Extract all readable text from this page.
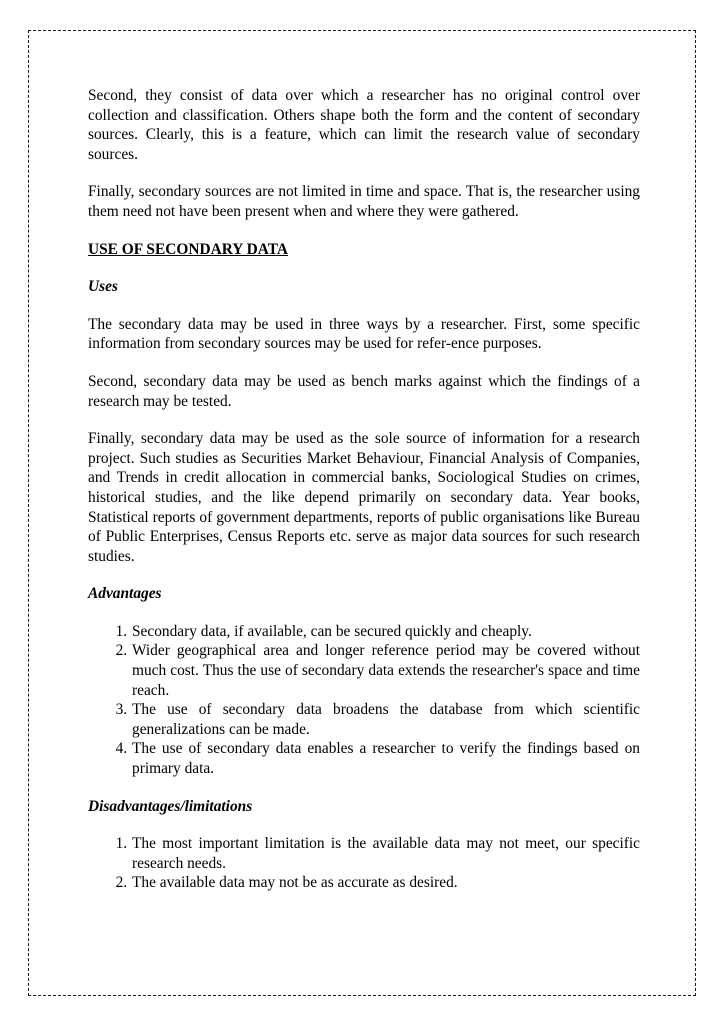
Second, they consist of data over which a researcher has no original control over collection and classification. Others shape both the form and the content of secondary sources. Clearly, this is a feature, which can limit the research value of secondary sources.

Finally, secondary sources are not limited in time and space. That is, the researcher using them need not have been present when and where they were gathered.

USE OF SECONDARY DATA

Uses

The secondary data may be used in three ways by a researcher. First, some specific information from secondary sources may be used for refer-ence purposes.

Second, secondary data may be used as bench marks against which the findings of a research may be tested.

Finally, secondary data may be used as the sole source of information for a research project. Such studies as Securities Market Behaviour, Financial Analysis of Companies, and Trends in credit allocation in commercial banks, Sociological Studies on crimes, historical studies, and the like depend primarily on secondary data. Year books, Statistical reports of government departments, reports of public organisations like Bureau of Public Enterprises, Census Reports etc. serve as major data sources for such research studies.

Advantages

1. Secondary data, if available, can be secured quickly and cheaply.
2. Wider geographical area and longer reference period may be covered without much cost. Thus the use of secondary data extends the researcher's space and time reach.
3. The use of secondary data broadens the database from which scientific generalizations can be made.
4. The use of secondary data enables a researcher to verify the findings based on primary data.

Disadvantages/limitations

1. The most important limitation is the available data may not meet, our specific research needs.
2. The available data may not be as accurate as desired.
